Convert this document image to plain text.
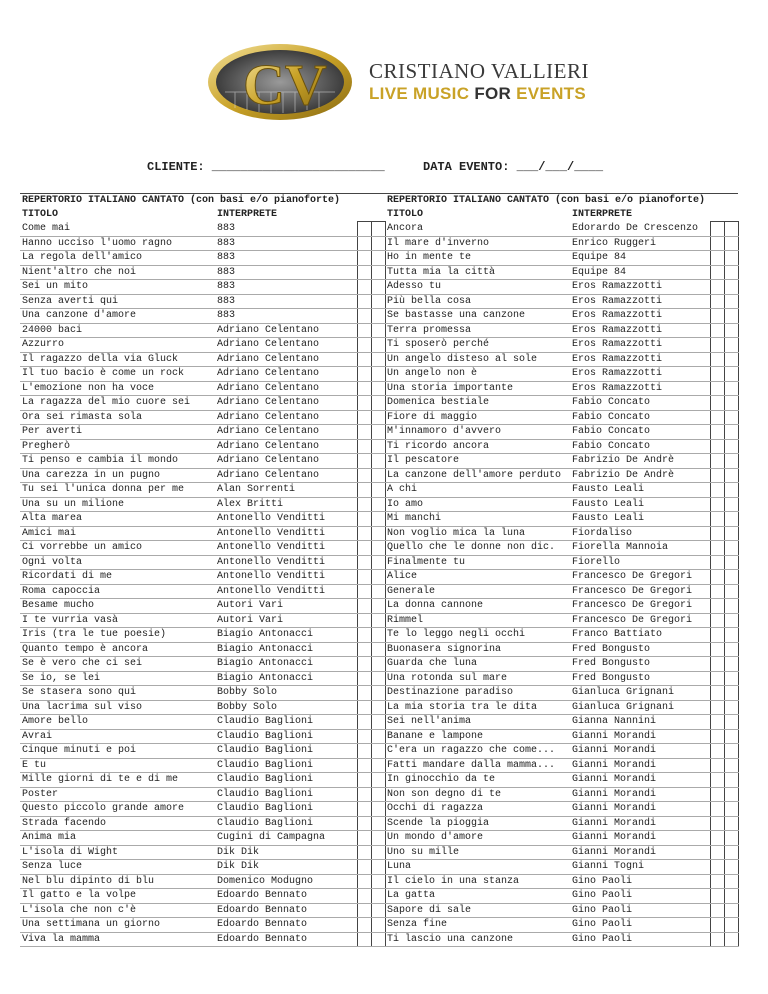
CV CRISTIANO VALLIERI
LIVE MUSIC FOR EVENTS
CLIENTE: ________________________	DATA EVENTO: ___/___/____
REPERTORIO ITALIANO CANTATO (con basi e/o pianoforte)			
TITOLO	INTERPRETE		
Come mai	883		
Hanno ucciso l'uomo ragno	883		
La regola dell'amico	883		
Nient'altro che noi	883		
Sei un mito	883		
Senza averti qui	883		
Una canzone d'amore	883		
24000 baci	Adriano Celentano		
Azzurro	Adriano Celentano		
Il ragazzo della via Gluck	Adriano Celentano		
Il tuo bacio è come un rock	Adriano Celentano		
L'emozione non ha voce	Adriano Celentano		
La ragazza del mio cuore sei	Adriano Celentano		
Ora sei rimasta sola	Adriano Celentano		
Per averti	Adriano Celentano		
Pregherò	Adriano Celentano		
Ti penso e cambia il mondo	Adriano Celentano		
Una carezza in un pugno	Adriano Celentano		
Tu sei l'unica donna per me	Alan Sorrenti		
Una su un milione	Alex Britti		
Alta marea	Antonello Venditti		
Amici mai	Antonello Venditti		
Ci vorrebbe un amico	Antonello Venditti		
Ogni volta	Antonello Venditti		
Ricordati di me	Antonello Venditti		
Roma capoccia	Antonello Venditti		
Besame mucho	Autori Vari		
I te vurria vasà	Autori Vari		
Iris (tra le tue poesie)	Biagio Antonacci		
Quanto tempo è ancora	Biagio Antonacci		
Se è vero che ci sei	Biagio Antonacci		
Se io, se lei	Biagio Antonacci		
Se stasera sono qui	Bobby Solo		
Una lacrima sul viso	Bobby Solo		
Amore bello	Claudio Baglioni		
Avrai	Claudio Baglioni		
Cinque minuti e poi	Claudio Baglioni		
E tu	Claudio Baglioni		
Mille giorni di te e di me	Claudio Baglioni		
Poster	Claudio Baglioni		
Questo piccolo grande amore	Claudio Baglioni		
Strada facendo	Claudio Baglioni		
Anima mia	Cugini di Campagna		
L'isola di Wight	Dik Dik		
Senza luce	Dik Dik		
Nel blu dipinto di blu	Domenico Modugno		
Il gatto e la volpe	Edoardo Bennato		
L'isola che non c'è	Edoardo Bennato		
Una settimana un giorno	Edoardo Bennato		
Viva la mamma	Edoardo Bennato		
REPERTORIO ITALIANO CANTATO (con basi e/o pianoforte)			
TITOLO	INTERPRETE		
Ancora	Edorardo De Crescenzo		
Il mare d'inverno	Enrico Ruggeri		
Ho in mente te	Equipe 84		
Tutta mia la città	Equipe 84		
Adesso tu	Eros Ramazzotti		
Più bella cosa	Eros Ramazzotti		
Se bastasse una canzone	Eros Ramazzotti		
Terra promessa	Eros Ramazzotti		
Ti sposerò perché	Eros Ramazzotti		
Un angelo disteso al sole	Eros Ramazzotti		
Un angelo non è	Eros Ramazzotti		
Una storia importante	Eros Ramazzotti		
Domenica bestiale	Fabio Concato		
Fiore di maggio	Fabio Concato		
M'innamoro d'avvero	Fabio Concato		
Ti ricordo ancora	Fabio Concato		
Il pescatore	Fabrizio De Andrè		
La canzone dell'amore perduto	Fabrizio De Andrè		
A chi	Fausto Leali		
Io amo	Fausto Leali		
Mi manchi	Fausto Leali		
Non voglio mica la luna	Fiordaliso		
Quello che le donne non dic.	Fiorella Mannoia		
Finalmente tu	Fiorello		
Alice	Francesco De Gregori		
Generale	Francesco De Gregori		
La donna cannone	Francesco De Gregori		
Rimmel	Francesco De Gregori		
Te lo leggo negli occhi	Franco Battiato		
Buonasera signorina	Fred Bongusto		
Guarda che luna	Fred Bongusto		
Una rotonda sul mare	Fred Bongusto		
Destinazione paradiso	Gianluca Grignani		
La mia storia tra le dita	Gianluca Grignani		
Sei nell'anima	Gianna Nannini		
Banane e lampone	Gianni Morandi		
C'era un ragazzo che come...	Gianni Morandi		
Fatti mandare dalla mamma...	Gianni Morandi		
In ginocchio da te	Gianni Morandi		
Non son degno di te	Gianni Morandi		
Occhi di ragazza	Gianni Morandi		
Scende la pioggia	Gianni Morandi		
Un mondo d'amore	Gianni Morandi		
Uno su mille	Gianni Morandi		
Luna	Gianni Togni		
Il cielo in una stanza	Gino Paoli		
La gatta	Gino Paoli		
Sapore di sale	Gino Paoli		
Senza fine	Gino Paoli		
Ti lascio una canzone	Gino Paoli		
